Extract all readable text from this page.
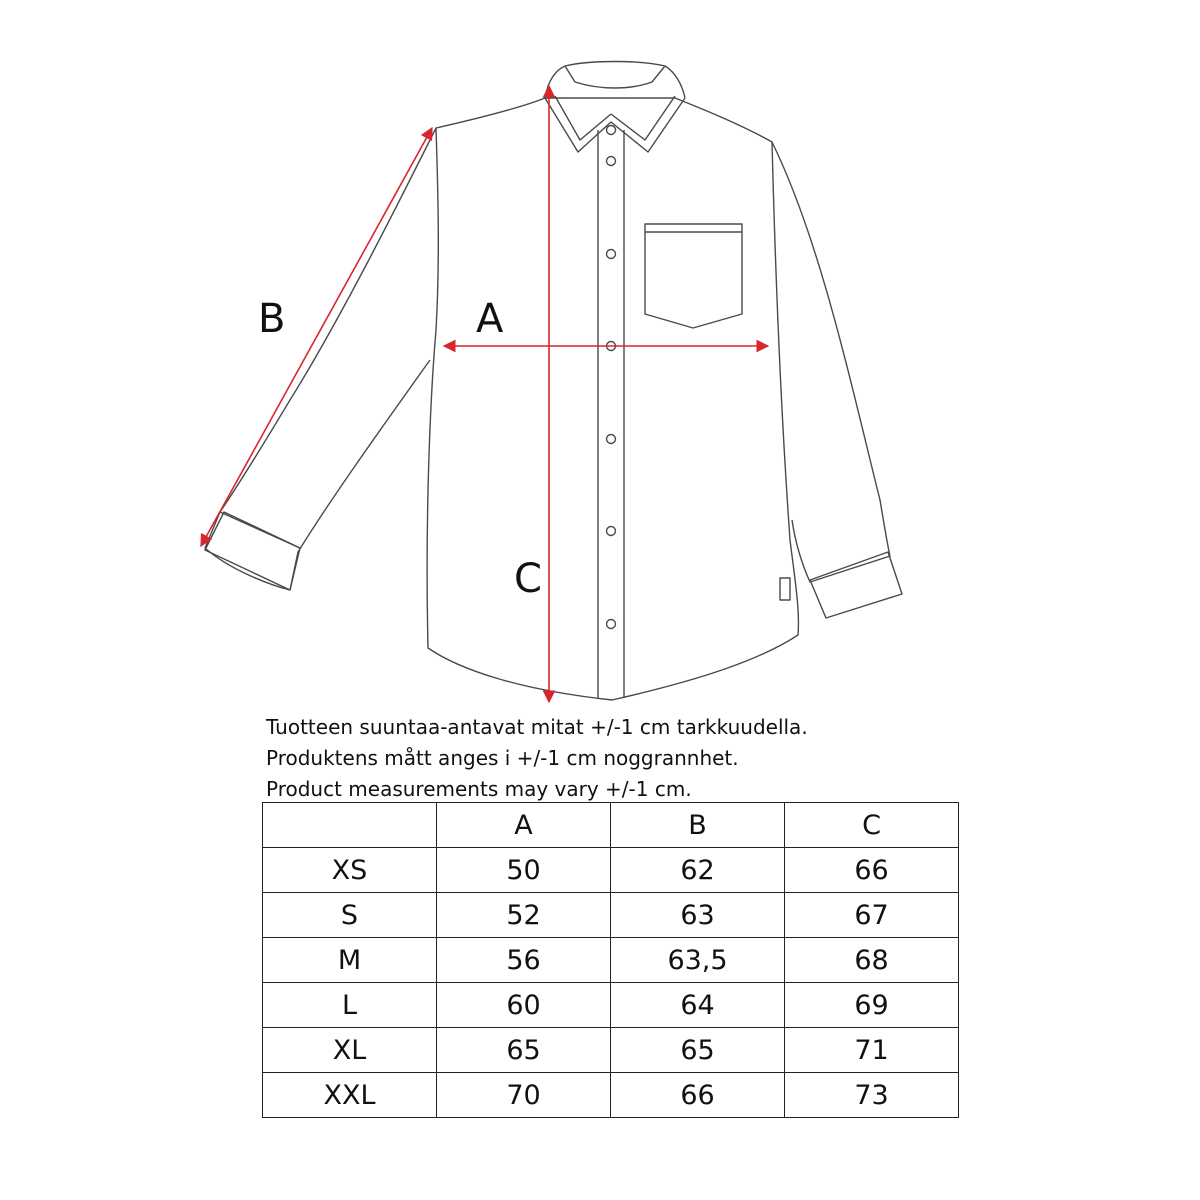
A
B
C
Tuotteen suuntaa-antavat mitat +/-1 cm tarkkuudella.
Produktens mått anges i +/-1 cm noggrannhet.
Product measurements may vary +/-1 cm.
	A	B	C
XS	50	62	66
S	52	63	67
M	56	63,5	68
L	60	64	69
XL	65	65	71
XXL	70	66	73
